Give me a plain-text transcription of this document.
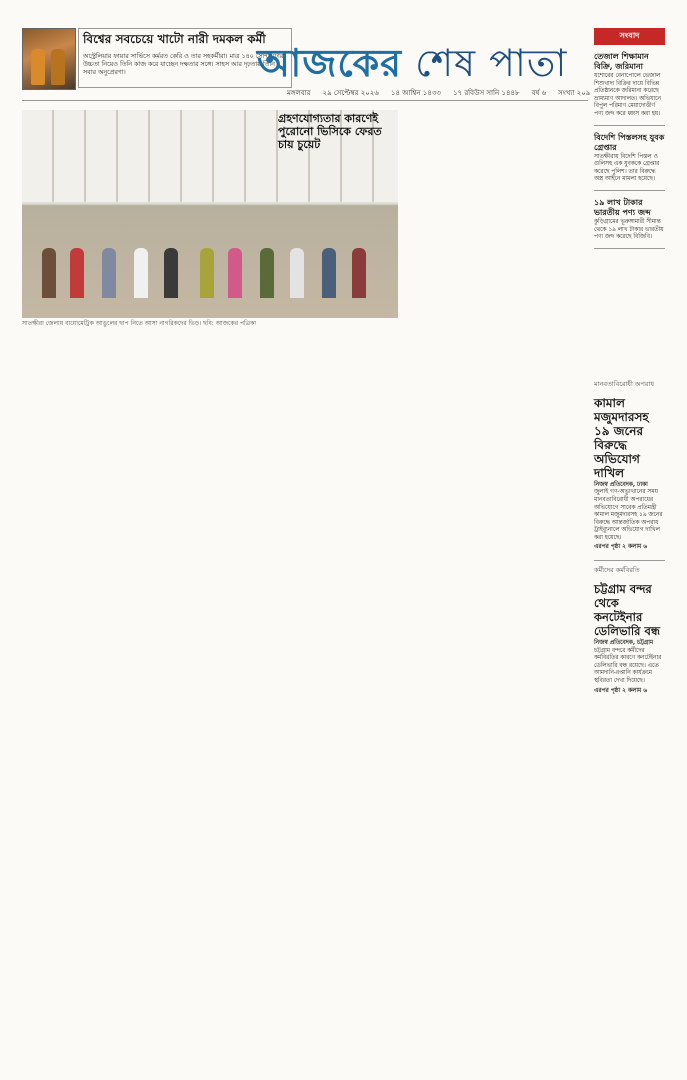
বিশ্বের সবচেয়ে খাটো নারী দমকল কর্মী

অস্ট্রেলিয়ার ফায়ার সার্ভিসে কর্মরত কেরি ও তার সহকর্মীরা। মাত্র ১৪০ সেন্টিমিটার উচ্চতা নিয়েও তিনি কাজ করে যাচ্ছেন দক্ষতার সঙ্গে। সাহস আর দৃঢ়তায় তিনি সবার অনুপ্রেরণা।	আজকের শেষ পাতা
মঙ্গলবার ২৯ সেপ্টেম্বর ২০২৬ ১৪ আশ্বিন ১৪৩৩ ১৭ রবিউস সানি ১৪৪৮ বর্ষ ৬ সংখ্যা ২০৯
সংবাদ
তেজাল শিক্ষামান বিক্রি, জরিমানা

যশোরের বেনাপোলে ভেজাল শিশুখাদ্য বিক্রির দায়ে বিভিন্ন প্রতিষ্ঠানকে জরিমানা করেছে ভ্রাম্যমাণ আদালত। অভিযানে বিপুল পরিমাণ মেয়াদোত্তীর্ণ পণ্য জব্দ করে ধ্বংস করা হয়।

বিদেশি পিস্তলসহ যুবক গ্রেপ্তার

সাতক্ষীরায় বিদেশি পিস্তল ও গুলিসহ এক যুবককে গ্রেপ্তার করেছে পুলিশ। তার বিরুদ্ধে অস্ত্র আইনে মামলা হয়েছে।

১৯ লাখ টাকার ভারতীয় পণ্য জব্দ

কুড়িগ্রামের ভূরুঙ্গামারী সীমান্ত থেকে ১৯ লাখ টাকার ভারতীয় পণ্য জব্দ করেছে বিজিবি।

মানবতাবিরোধী অপরাধ
কামাল মজুমদারসহ ১৯ জনের বিরুদ্ধে অভিযোগ দাখিল

নিজস্ব প্রতিবেদক, ঢাকা

জুলাই গণ-অভ্যুত্থানের সময় মানবতাবিরোধী অপরাধের অভিযোগে সাবেক প্রতিমন্ত্রী কামাল মজুমদারসহ ১৯ জনের বিরুদ্ধে আন্তর্জাতিক অপরাধ ট্রাইব্যুনালে অভিযোগ দাখিল করা হয়েছে।

এরপর পৃষ্ঠা ২ কলাম ৬

কর্মীদের কর্মবিরতি
চট্টগ্রাম বন্দর থেকে কনটেইনার ডেলিভারি বন্ধ

নিজস্ব প্রতিবেদক, চট্টগ্রাম

চট্টগ্রাম বন্দরে কর্মীদের কর্মবিরতির কারণে কনটেইনার ডেলিভারি বন্ধ রয়েছে। এতে আমদানি-রপ্তানি কার্যক্রমে স্থবিরতা দেখা দিয়েছে।

এরপর পৃষ্ঠা ২ কলাম ৬

সাতক্ষীরা জেলায় বায়োমেট্রিক আঙুলের ছাপ নিতে আসা নাগরিকদের ভিড়। ছবি: আজকের পত্রিকা
গ্রহণযোগ্যতার কারণেই পুরোনো ভিসিকে ফেরত চায় চুয়েট
